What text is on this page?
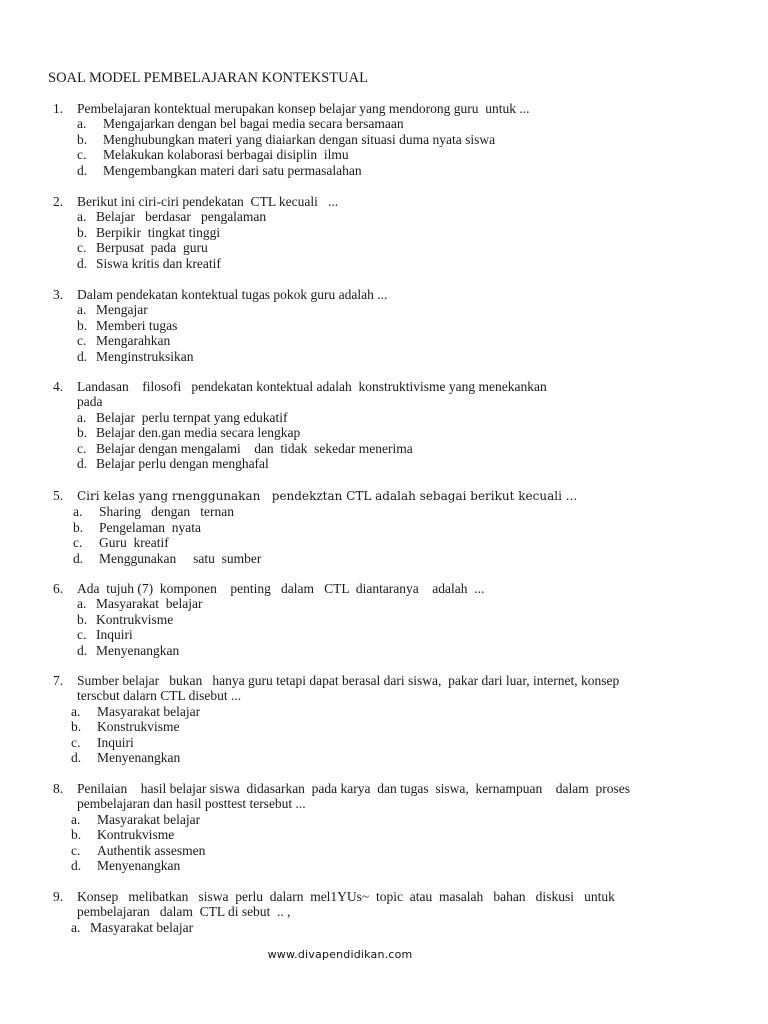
SOAL MODEL PEMBELAJARAN KONTEKSTUAL
1. Pembelajaran kontektual merupakan konsep belajar yang mendorong guru  untuk ...
a. Mengajarkan dengan bel bagai media secara bersamaan
b. Menghubungkan materi yang diaiarkan dengan situasi duma nyata siswa
c. Melakukan kolaborasi berbagai disiplin  ilmu
d. Mengembangkan materi dari satu permasalahan
2. Berikut ini ciri-ciri pendekatan  CTL kecuali   ...
a. Belajar   berdasar   pengalaman
b. Berpikir  tingkat tinggi
c. Berpusat  pada  guru
d. Siswa kritis dan kreatif
3. Dalam pendekatan kontektual tugas pokok guru adalah ...
a. Mengajar
b. Memberi tugas
c. Mengarahkan
d. Menginstruksikan
4. Landasan    filosofi   pendekatan kontektual adalah  konstruktivisme yang menekankan
pada
a. Belajar  perlu ternpat yang edukatif
b. Belajar den.gan media secara lengkap
c. Belajar dengan mengalami    dan  tidak  sekedar menerima
d. Belajar perlu dengan menghafal
5. Ciri kelas yang rnenggunakan   pendekztan CTL adalah sebagai berikut kecuali ...
a. Sharing   dengan   ternan
b. Pengelaman  nyata
c. Guru  kreatif
d. Menggunakan     satu  sumber
6. Ada  tujuh (7)  komponen    penting   dalam   CTL  diantaranya    adalah  ...
a. Masyarakat  belajar
b. Kontrukvisme
c. Inquiri
d. Menyenangkan
7. Sumber belajar   bukan   hanya guru tetapi dapat berasal dari siswa,  pakar dari luar, internet, konsep
terscbut dalarn CTL disebut ...
a. Masyarakat belajar
b. Konstrukvisme
c. Inquiri
d. Menyenangkan
8. Penilaian    hasil belajar siswa  didasarkan  pada karya  dan tugas  siswa,  kernampuan    dalam  proses
pembelajaran dan hasil posttest tersebut ...
a. Masyarakat belajar
b. Kontrukvisme
c. Authentik assesmen
d. Menyenangkan
9. Konsep   melibatkan   siswa  perlu  dalarn  mel1YUs~  topic  atau  masalah   bahan   diskusi   untuk
pembelajaran   dalam  CTL di sebut  .. ,
a. Masyarakat belajar
www.divapendidikan.com
